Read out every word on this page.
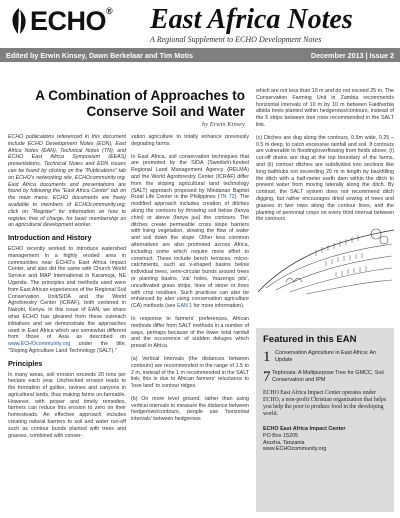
ECHO® East Africa Notes
A Regional Supplement to ECHO Development Notes
Edited by Erwin Kinsey, Dawn Berkelaar and Tim Motis	December 2013 | Issue 2
A Combination of Approaches to Conserve Soil and Water
by Erwin Kinsey

ECHO publications referenced in this document include ECHO Development Notes (EDN), East Africa Notes (EAN), Technical Notes (TN), and ECHO East Africa Symposium (EEAS) presentations. Technical Notes and EDN issues can be found by clicking on the "Publications" tab on ECHO's networking site, ECHOcommunity.org. East Africa documents and presentations are found by following the "East Africa Center" tab on the main menu. ECHO documents are freely available to members of ECHOcommunity.org; click on "Register" for information on how to register, free of charge, for basic membership as an agricultural development worker.

Introduction and History

ECHO recently worked to introduce watershed management in a highly eroded area in communities near ECHO's East Africa Impact Center, and also did the same with Church World Service and MAP International in Karamoja, NE Uganda. The principles and methods used were from East African experiences of the Regional Soil Conservation Unit/SIDA and the World Agroforestry Center (ICRAF), both centered in Nairobi, Kenya. In this issue of EAN, we share what ECHO has gleaned from these outreach initiatives and we demonstrate the approaches used in East Africa which are somewhat different from those of Asia as described on www.ECHOcommunity.org under the title, "Sloping Agriculture Land Technology (SALT)."

Principles

In many areas, soil erosion exceeds 20 tons per hectare each year. Unchecked erosion leads to the formation of gullies, ravines and canyons in agricultural lands, thus making farms un-farmable. However, with proper and timely remedies, farmers can reduce this erosion to zero on their homesteads. An effective approach includes creating natural barriers to soil and water run-off such as contour bunds planted with trees and grasses, combined with conser-

vation agriculture to totally enhance previously degrading farms.

In East Africa, soil conservation techniques that are promoted by the SIDA (Swedish)-funded Regional Land Management Agency (RELMA) and the World Agroforestry Center (ICRAF) differ from the sloping agricultural land technology (SALT) approach proposed by Mindanao Baptist Rural Life Center in the Philippines (TN 72). The modified approach includes creation of ditches along the contours by throwing soil below (fanya chini) or above (fanya juu) the contours. The ditches create permeable cross slope barriers with living vegetation, slowing the flow of water and soil down the slope. Other less common alternatives are also promoted across Africa, including some which require more effort to construct. These include bench terraces, micro-catchments, such as v-shaped basins below individual trees, semi-circular bunds around trees or planting basins, 'zai' holes, 'mazengo pits', uncultivated grass strips, lines of stone or lines with crop residues. Such practices can also be enhanced by also using conservation agriculture (CA) methods (see EAN 1 for more information).

In response to farmers' preferences, African methods differ from SALT methods in a number of ways, perhaps because of the lower total rainfall and the occurrence of sudden deluges which prevail in Africa.

(a) Vertical Intervals (the distances between contours) are recommended in the range of 1.5 to 2 m, instead of the 1 m recommended in the SALT link; this is due to African farmers' reluctance to 'lose land' to contour ridges.

(b) On more level ground, rather than using vertical intervals to measure the distance between hedgerows/contours, people use 'horizontal intervals' between hedgerows

which are not less than 10 m and do not exceed 25 m. The Conservation Farming Unit in Zambia recommends horizontal intervals of 10 m by 10 m between Faidherbia albida trees planted within hedgerows/contours, instead of the 5 strips between tree rows recommended in the SALT link.

(c) Ditches are dug along the contours, 0.5m wide, 0.25 – 0.5 m deep, to catch excessive rainfall and soil. If contours are vulnerable to flooding/overflowing from fields above, (i) cut-off drains are dug at the top boundary of the farms, and (ii) contour ditches are subdivided into sections like long bathtubs not exceeding 20 m in length by backfilling the ditch with a half-meter earth dam within the ditch to prevent water from moving laterally along the ditch. By contrast, the SALT system does not recommend ditch digging, but rather encourages dried sowing of trees and grasses in two rows along the contour lines, and the planting of perennial crops on every third interval between the contours.

Featured in this EAN
1 Conservation Agriculture in East Africa: An Update
7 Tephrosia: A Multipurpose Tree for GMCC, Soil Conservation and IPM
ECHO East Africa Impact Center operates under ECHO, a non-profit Christian organization that helps you help the poor to produce food in the developing world.
ECHO East Africa Impact Center
PO Box 15205
Arusha, Tanzania
www.ECHOcommunity.org
